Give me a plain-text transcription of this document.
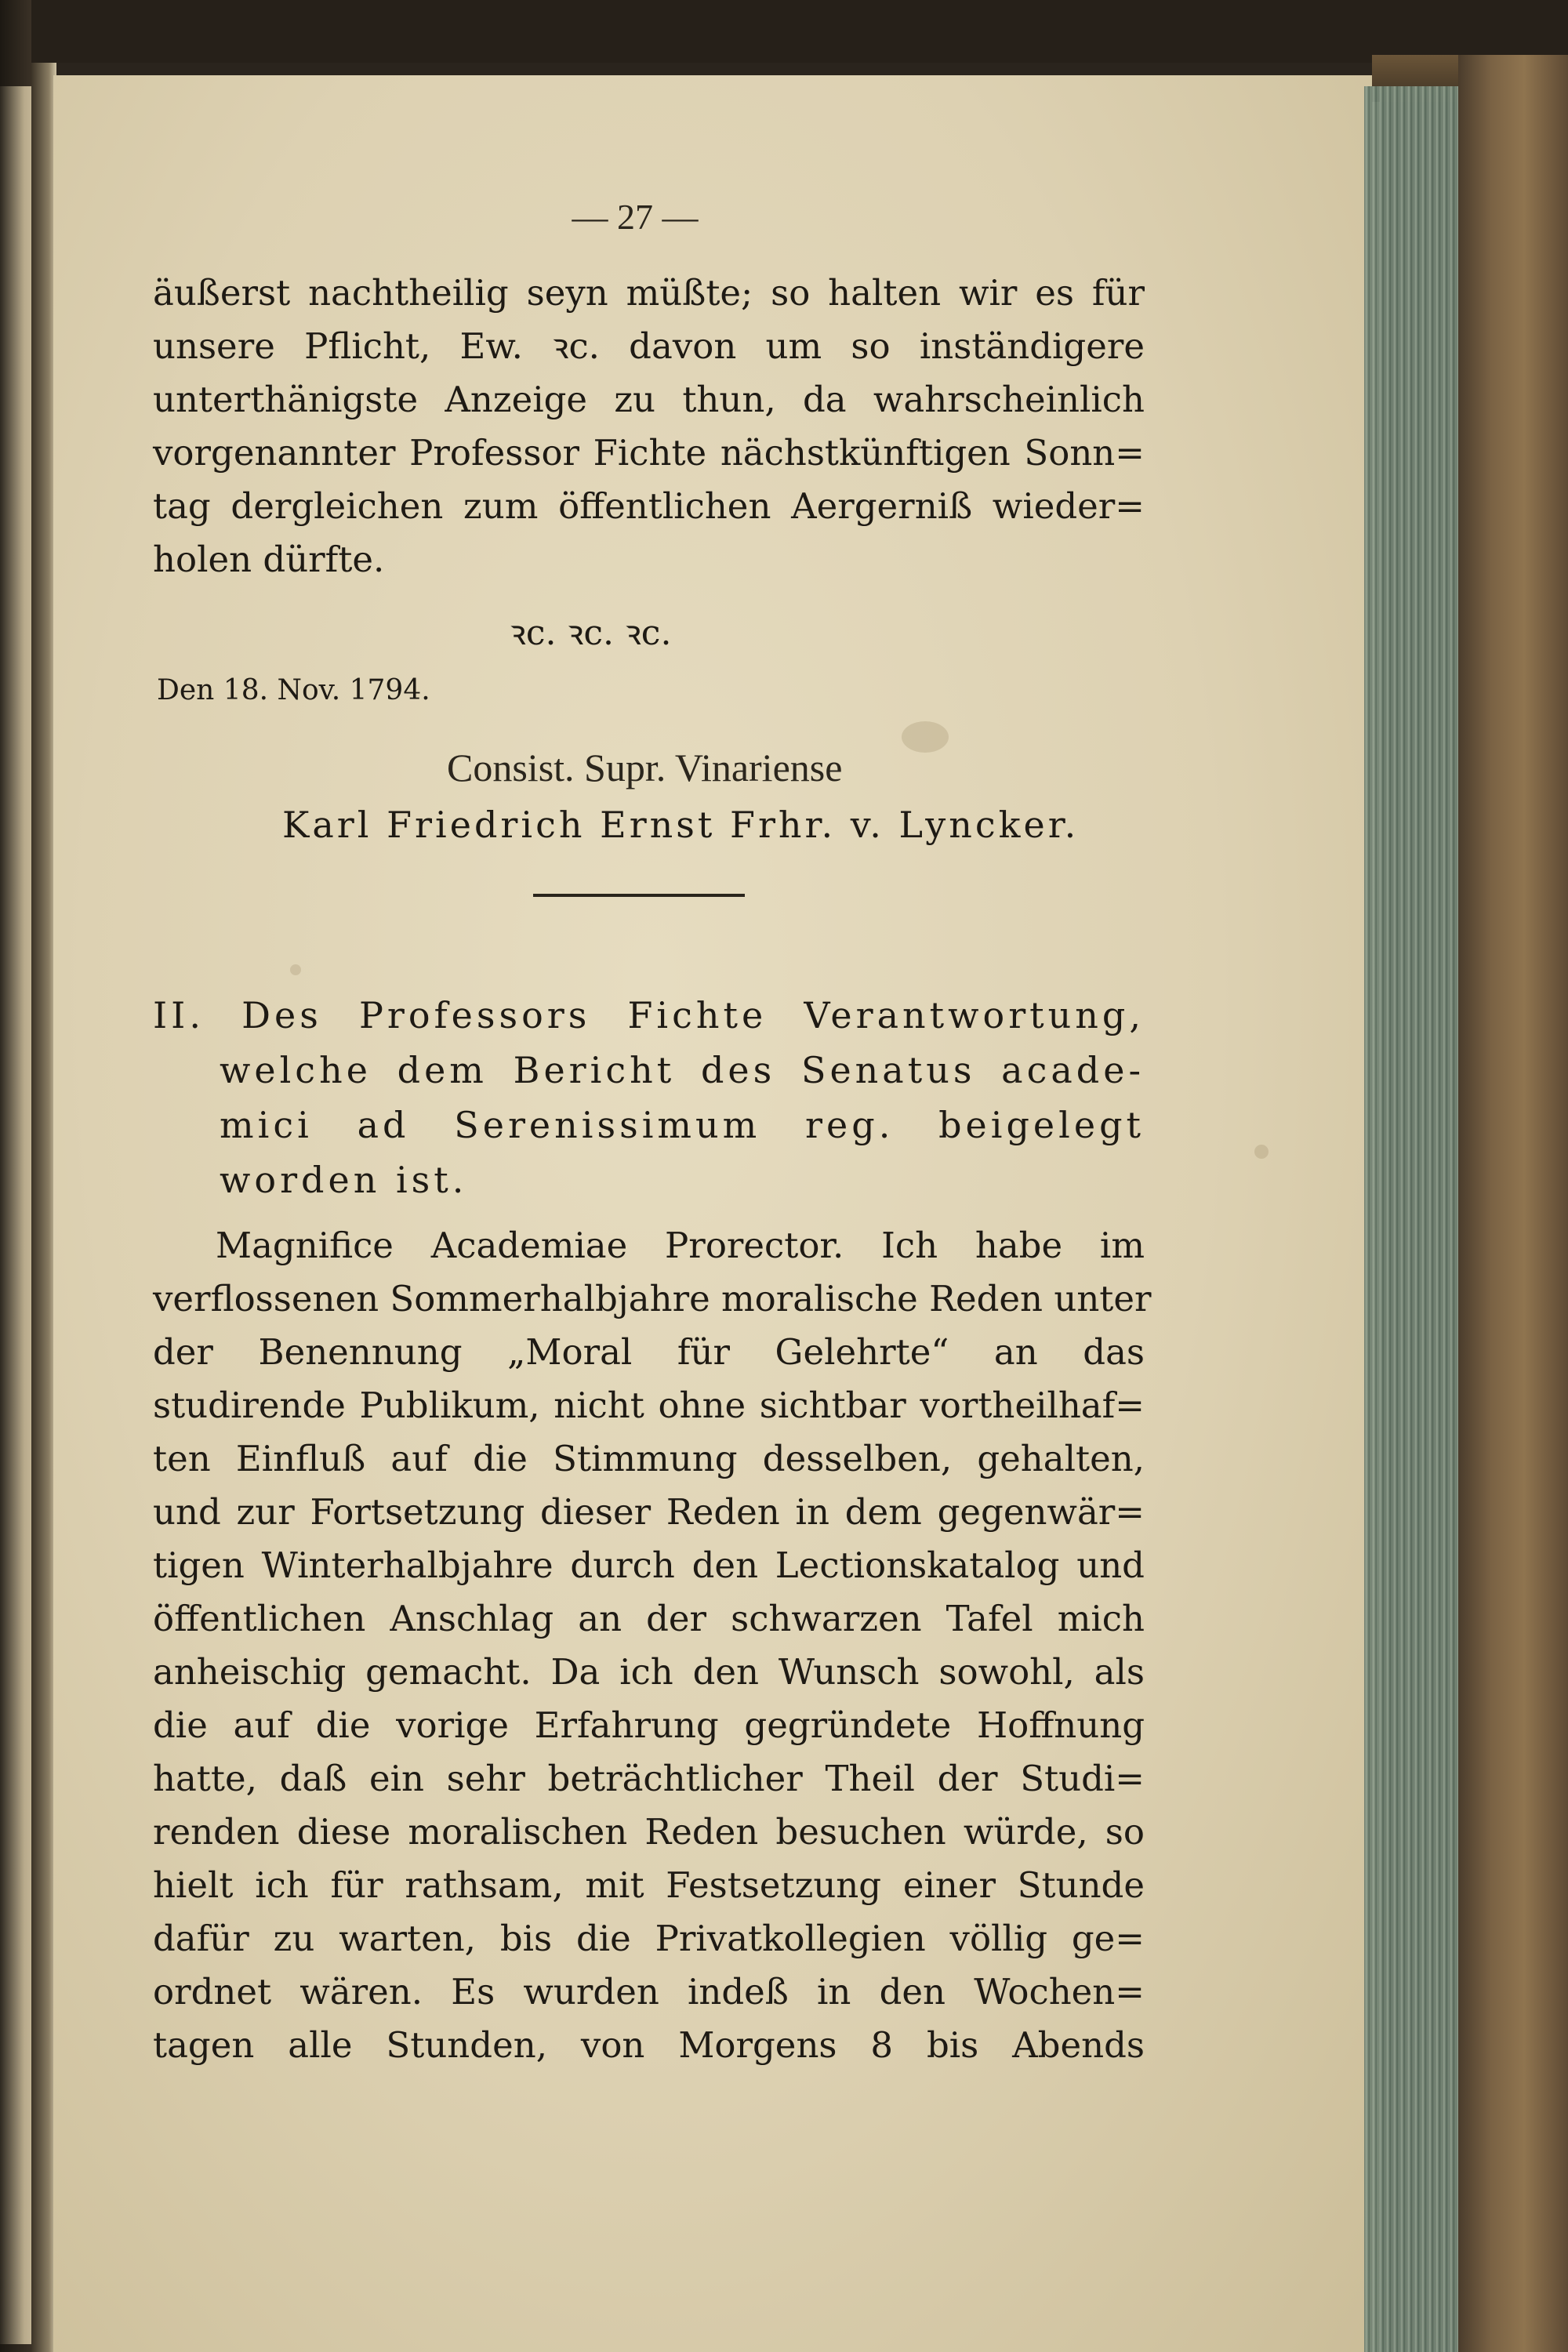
— 27 —
äußerst nachtheilig seyn müßte; so halten wir es für
unsere Pflicht, Ew. ꝛc. davon um so inständigere
unterthänigste Anzeige zu thun, da wahrscheinlich
vorgenannter Professor Fichte nächstkünftigen Sonn=
tag dergleichen zum öffentlichen Aergerniß wieder=
holen dürfte.
ꝛc. ꝛc. ꝛc.
Den 18. Nov. 1794.
Consist. Supr. Vinariense
Karl Friedrich Ernst Frhr. v. Lyncker.
II. Des Professors Fichte Verantwortung,
welche dem Bericht des Senatus acade-
mici ad Serenissimum reg. beigelegt
worden ist.
Magnifice Academiae Prorector. Ich habe im
verflossenen Sommerhalbjahre moralische Reden unter
der Benennung „Moral für Gelehrte“ an das
studirende Publikum, nicht ohne sichtbar vortheilhaf=
ten Einfluß auf die Stimmung desselben, gehalten,
und zur Fortsetzung dieser Reden in dem gegenwär=
tigen Winterhalbjahre durch den Lectionskatalog und
öffentlichen Anschlag an der schwarzen Tafel mich
anheischig gemacht. Da ich den Wunsch sowohl, als
die auf die vorige Erfahrung gegründete Hoffnung
hatte, daß ein sehr beträchtlicher Theil der Studi=
renden diese moralischen Reden besuchen würde, so
hielt ich für rathsam, mit Festsetzung einer Stunde
dafür zu warten, bis die Privatkollegien völlig ge=
ordnet wären. Es wurden indeß in den Wochen=
tagen alle Stunden, von Morgens 8 bis Abends
